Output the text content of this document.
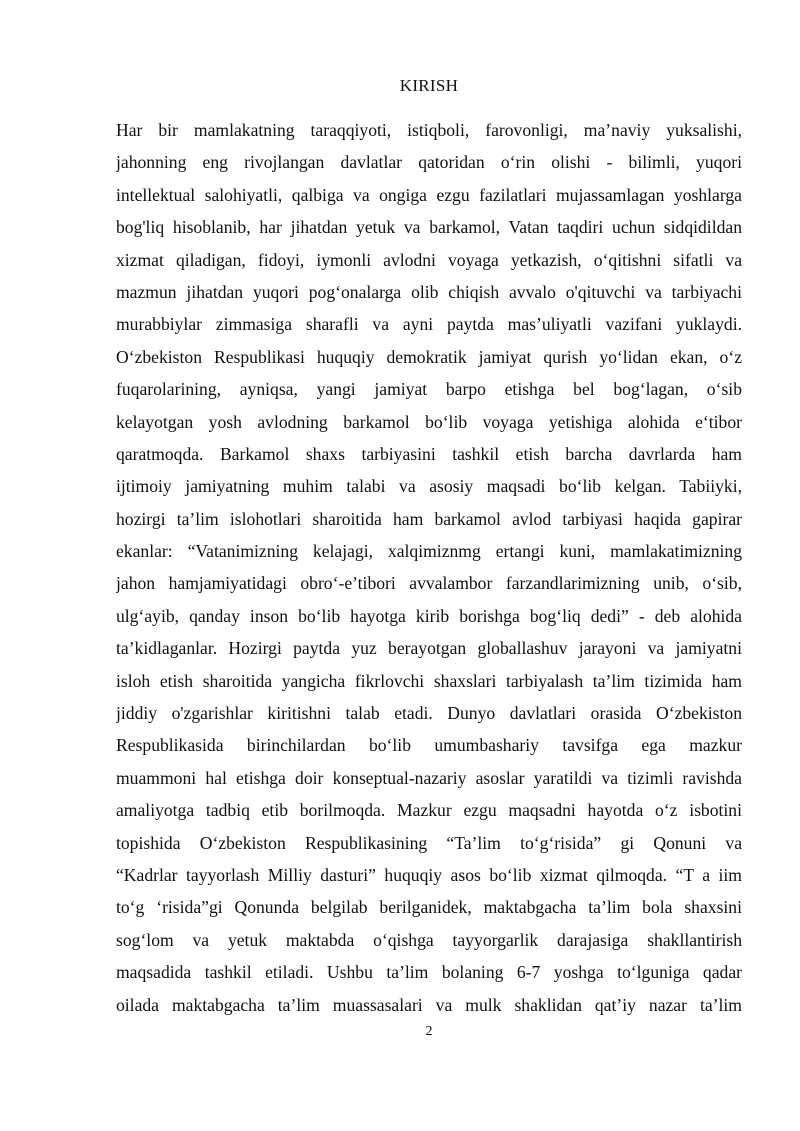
KIRISH
Har bir mamlakatning taraqqiyoti, istiqboli, farovonligi, ma’naviy yuksalishi,
jahonning eng rivojlangan davlatlar qatoridan o‘rin olishi - bilimli, yuqori
intellektual salohiyatli, qalbiga va ongiga ezgu fazilatlari mujassamlagan yoshlarga
bog'liq hisoblanib, har jihatdan yetuk va barkamol, Vatan taqdiri uchun sidqidildan
xizmat qiladigan, fidoyi, iymonli avlodni voyaga yetkazish, o‘qitishni sifatli va
mazmun jihatdan yuqori pog‘onalarga olib chiqish avvalo o'qituvchi va tarbiyachi
murabbiylar zimmasiga sharafli va ayni paytda mas’uliyatli vazifani yuklaydi.
O‘zbekiston Respublikasi huquqiy demokratik jamiyat qurish yo‘lidan ekan, o‘z
fuqarolarining, ayniqsa, yangi jamiyat barpo etishga bel bog‘lagan, o‘sib
kelayotgan yosh avlodning barkamol bo‘lib voyaga yetishiga alohida e‘tibor
qaratmoqda. Barkamol shaxs tarbiyasini tashkil etish barcha davrlarda ham
ijtimoiy jamiyatning muhim talabi va asosiy maqsadi bo‘lib kelgan. Tabiiyki,
hozirgi ta’lim islohotlari sharoitida ham barkamol avlod tarbiyasi haqida gapirar
ekanlar: “Vatanimizning kelajagi, xalqimiznmg ertangi kuni, mamlakatimizning
jahon hamjamiyatidagi obro‘-e’tibori avvalambor farzandlarimizning unib, o‘sib,
ulg‘ayib, qanday inson bo‘lib hayotga kirib borishga bog‘liq dedi” - deb alohida
ta’kidlaganlar. Hozirgi paytda yuz berayotgan globallashuv jarayoni va jamiyatni
isloh etish sharoitida yangicha fikrlovchi shaxslari tarbiyalash ta’lim tizimida ham
jiddiy o'zgarishlar kiritishni talab etadi. Dunyo davlatlari orasida O‘zbekiston
Respublikasida birinchilardan bo‘lib umumbashariy tavsifga ega mazkur
muammoni hal etishga doir konseptual-nazariy asoslar yaratildi va tizimli ravishda
amaliyotga tadbiq etib borilmoqda. Mazkur ezgu maqsadni hayotda o‘z isbotini
topishida O‘zbekiston Respublikasining “Ta’lim to‘g‘risida” gi Qonuni va
“Kadrlar tayyorlash Milliy dasturi” huquqiy asos bo‘lib xizmat qilmoqda. “T a iim
to‘g ‘risida”gi Qonunda belgilab berilganidek, maktabgacha ta’lim bola shaxsini
sog‘lom va yetuk maktabda o‘qishga tayyorgarlik darajasiga shakllantirish
maqsadida tashkil etiladi. Ushbu ta’lim bolaning 6-7 yoshga to‘lguniga qadar
oilada maktabgacha ta’lim muassasalari va mulk shaklidan qat’iy nazar ta’lim
2
